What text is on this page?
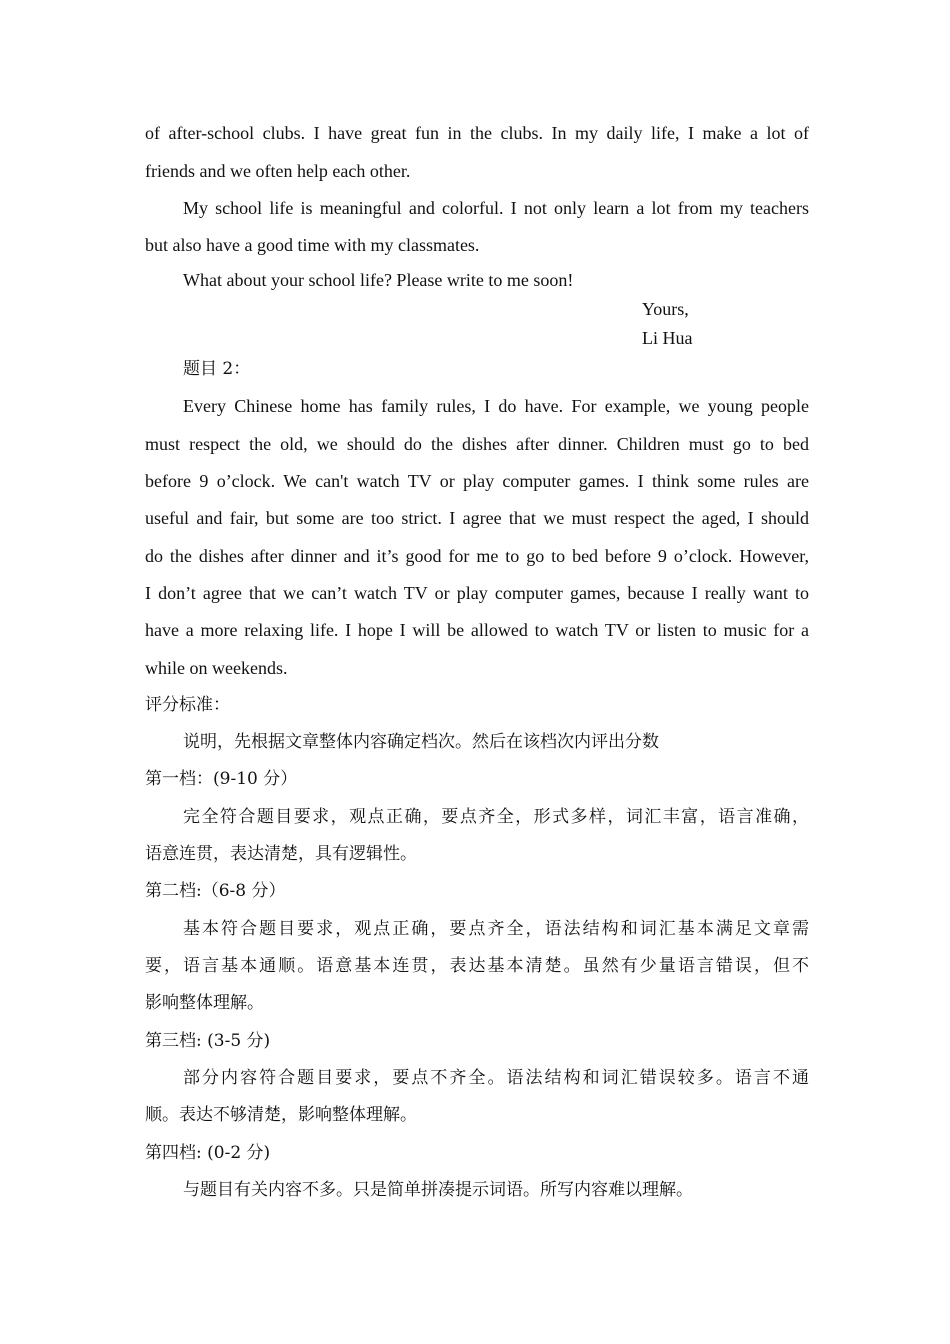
of after-school clubs. I have great fun in the clubs. In my daily life, I make a lot of
friends and we often help each other.
My school life is meaningful and colorful. I not only learn a lot from my teachers
but also have a good time with my classmates.
What about your school life? Please write to me soon!
Yours,
Li Hua
题目 2：
Every Chinese home has family rules, I do have. For example, we young people
must respect the old, we should do the dishes after dinner. Children must go to bed
before 9 o’clock. We can't watch TV or play computer games. I think some rules are
useful and fair, but some are too strict. I agree that we must respect the aged, I should
do the dishes after dinner and it’s good for me to go to bed before 9 o’clock. However,
I don’t agree that we can’t watch TV or play computer games, because I really want to
have a more relaxing life. I hope I will be allowed to watch TV or listen to music for a
while on weekends.
评分标准：
说明，先根据文章整体内容确定档次。然后在该档次内评出分数
第一档：(9-10 分）
完全符合题目要求，观点正确，要点齐全，形式多样，词汇丰富，语言准确，
语意连贯，表达清楚，具有逻辑性。
第二档:（6-8 分）
基本符合题目要求，观点正确，要点齐全，语法结构和词汇基本满足文章需
要，语言基本通顺。语意基本连贯，表达基本清楚。虽然有少量语言错误，但不
影响整体理解。
第三档: (3-5 分)
部分内容符合题目要求，要点不齐全。语法结构和词汇错误较多。语言不通
顺。表达不够清楚，影响整体理解。
第四档: (0-2 分)
与题目有关内容不多。只是简单拼凑提示词语。所写内容难以理解。
